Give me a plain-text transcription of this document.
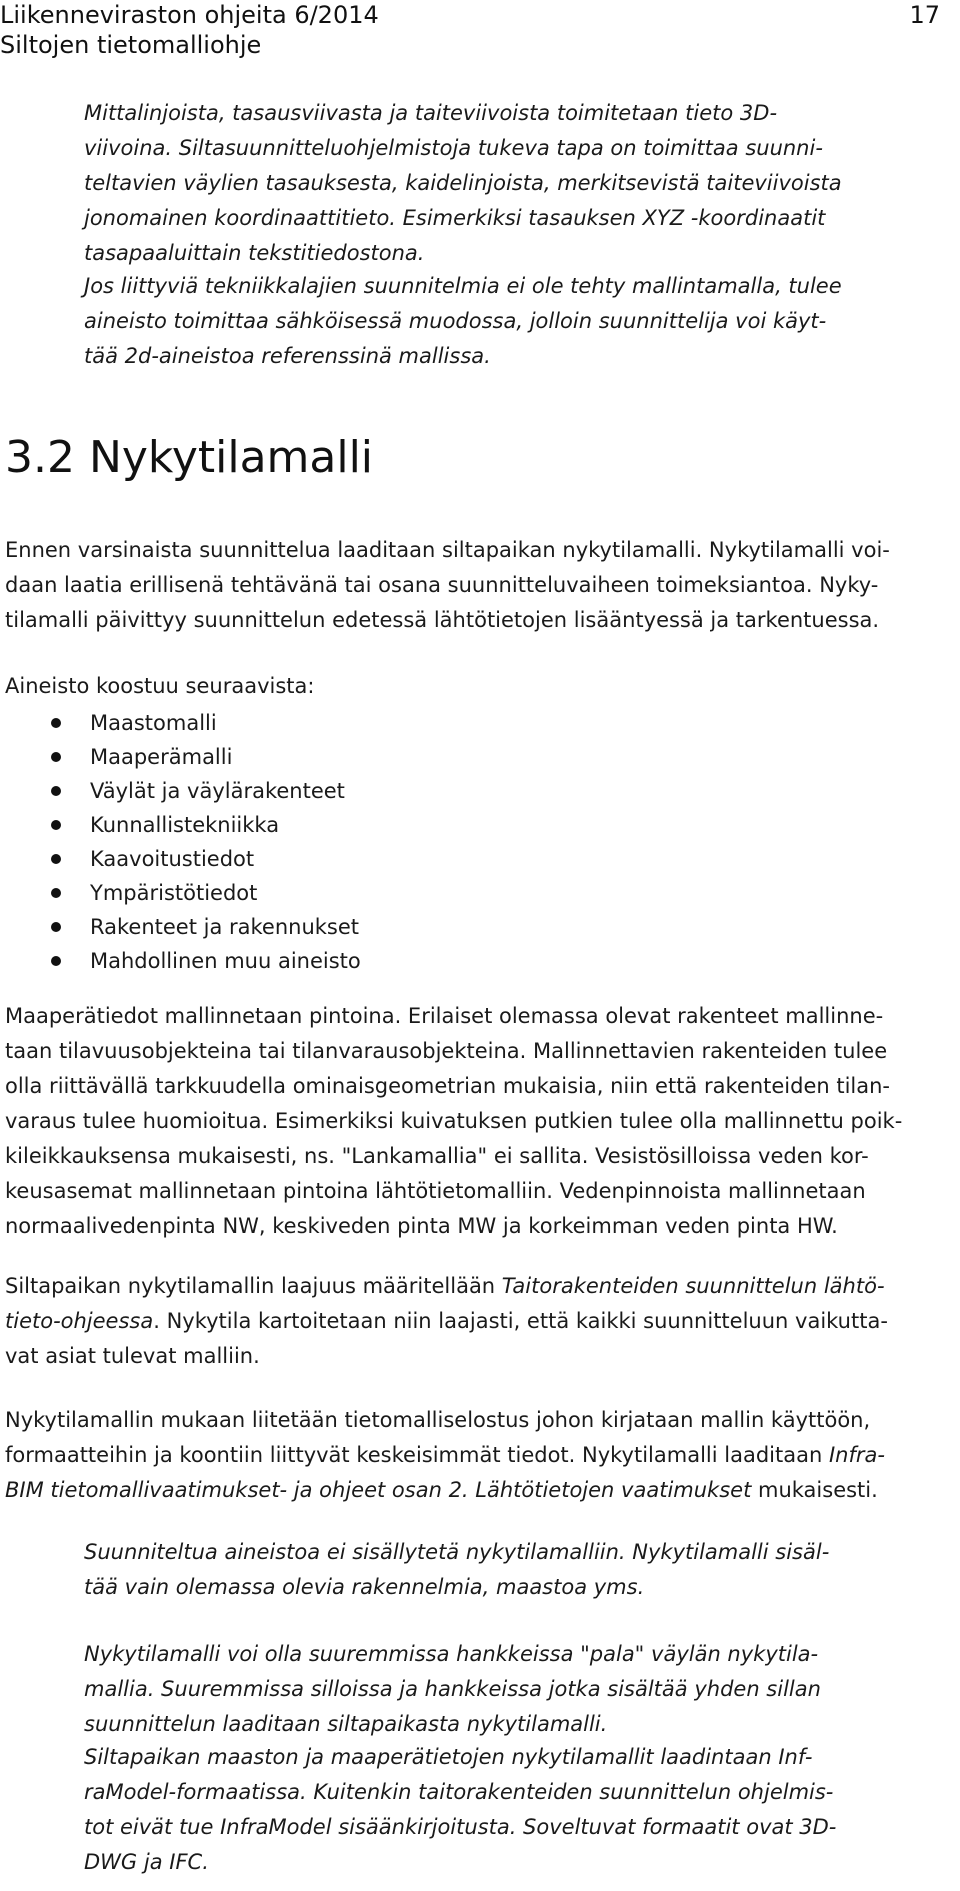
Liikenneviraston ohjeita 6/2014
Siltojen tietomalliohje
17
Mittalinjoista, tasausviivasta ja taiteviivoista toimitetaan tieto 3D-
viivoina. Siltasuunnitteluohjelmistoja tukeva tapa on toimittaa suunni-
teltavien väylien tasauksesta, kaidelinjoista, merkitsevistä taiteviivoista
jonomainen koordinaattitieto. Esimerkiksi tasauksen XYZ -koordinaatit
tasapaaluittain tekstitiedostona.
Jos liittyviä tekniikkalajien suunnitelmia ei ole tehty mallintamalla, tulee
aineisto toimittaa sähköisessä muodossa, jolloin suunnittelija voi käyt-
tää 2d-aineistoa referenssinä mallissa.
3.2 Nykytilamalli
Ennen varsinaista suunnittelua laaditaan siltapaikan nykytilamalli. Nykytilamalli voi-
daan laatia erillisenä tehtävänä tai osana suunnitteluvaiheen toimeksiantoa. Nyky-
tilamalli päivittyy suunnittelun edetessä lähtötietojen lisääntyessä ja tarkentuessa.
Aineisto koostuu seuraavista:
Maastomalli
Maaperämalli
Väylät ja väylärakenteet
Kunnallistekniikka
Kaavoitustiedot
Ympäristötiedot
Rakenteet ja rakennukset
Mahdollinen muu aineisto
Maaperätiedot mallinnetaan pintoina. Erilaiset olemassa olevat rakenteet mallinne-
taan tilavuusobjekteina tai tilanvarausobjekteina. Mallinnettavien rakenteiden tulee
olla riittävällä tarkkuudella ominaisgeometrian mukaisia, niin että rakenteiden tilan-
varaus tulee huomioitua. Esimerkiksi kuivatuksen putkien tulee olla mallinnettu poik-
kileikkauksensa mukaisesti, ns. "Lankamallia" ei sallita. Vesistösilloissa veden kor-
keusasemat mallinnetaan pintoina lähtötietomalliin. Vedenpinnoista mallinnetaan
normaalivedenpinta NW, keskiveden pinta MW ja korkeimman veden pinta HW.
Siltapaikan nykytilamallin laajuus määritellään Taitorakenteiden suunnittelun lähtö-
tieto-ohjeessa. Nykytila kartoitetaan niin laajasti, että kaikki suunnitteluun vaikutta-
vat asiat tulevat malliin.
Nykytilamallin mukaan liitetään tietomalliselostus johon kirjataan mallin käyttöön,
formaatteihin ja koontiin liittyvät keskeisimmät tiedot. Nykytilamalli laaditaan Infra-
BIM tietomallivaatimukset- ja ohjeet osan 2. Lähtötietojen vaatimukset mukaisesti.
Suunniteltua aineistoa ei sisällytetä nykytilamalliin. Nykytilamalli sisäl-
tää vain olemassa olevia rakennelmia, maastoa yms.
Nykytilamalli voi olla suuremmissa hankkeissa "pala" väylän nykytila-
mallia. Suuremmissa silloissa ja hankkeissa jotka sisältää yhden sillan
suunnittelun laaditaan siltapaikasta nykytilamalli.
Siltapaikan maaston ja maaperätietojen nykytilamallit laadintaan Inf-
raModel-formaatissa. Kuitenkin taitorakenteiden suunnittelun ohjelmis-
tot eivät tue InfraModel sisäänkirjoitusta. Soveltuvat formaatit ovat 3D-
DWG ja IFC.
